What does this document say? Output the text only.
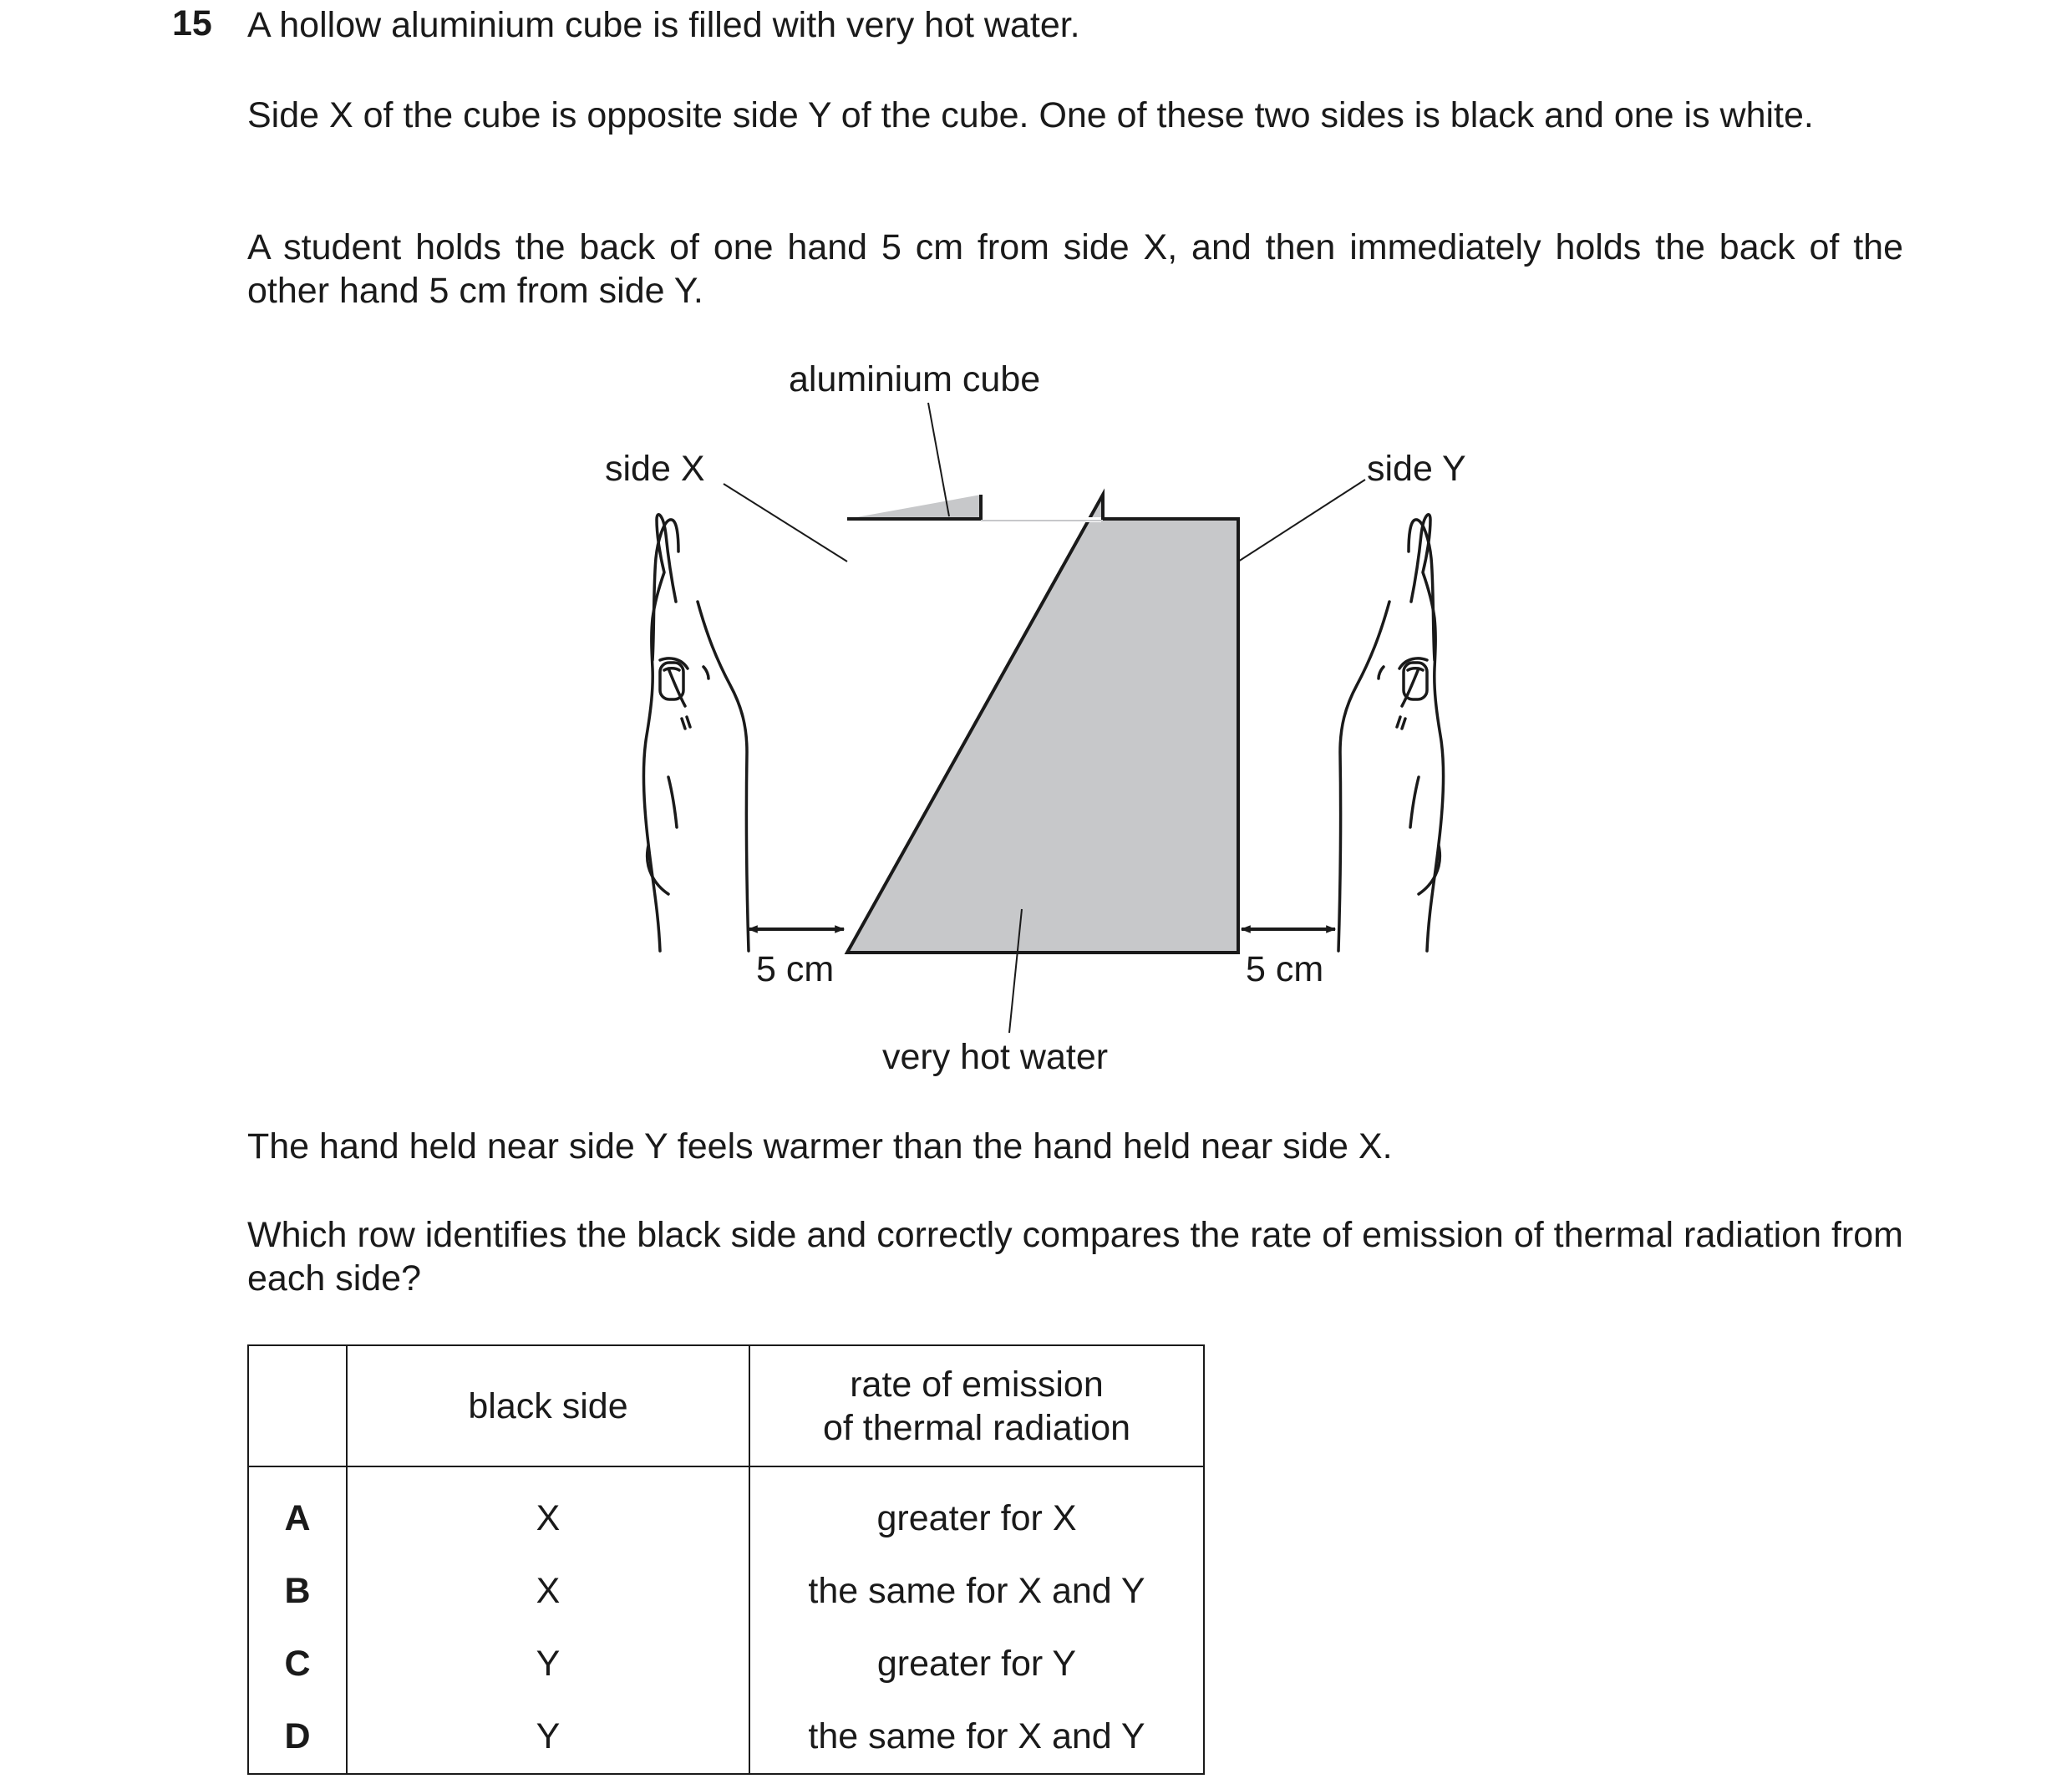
15 A hollow aluminium cube is filled with very hot water.

Side X of the cube is opposite side Y of the cube. One of these two sides is black and one is white.

A student holds the back of one hand 5 cm from side X, and then immediately holds the back of the other hand 5 cm from side Y.

aluminium cube
side X	side Y
5 cm	5 cm
very hot water

The hand held near side Y feels warmer than the hand held near side X.

Which row identifies the black side and correctly compares the rate of emission of thermal radiation from each side?

	black side	rate of emission
of thermal radiation
A	X	greater for X
B	X	the same for X and Y
C	Y	greater for Y
D	Y	the same for X and Y
